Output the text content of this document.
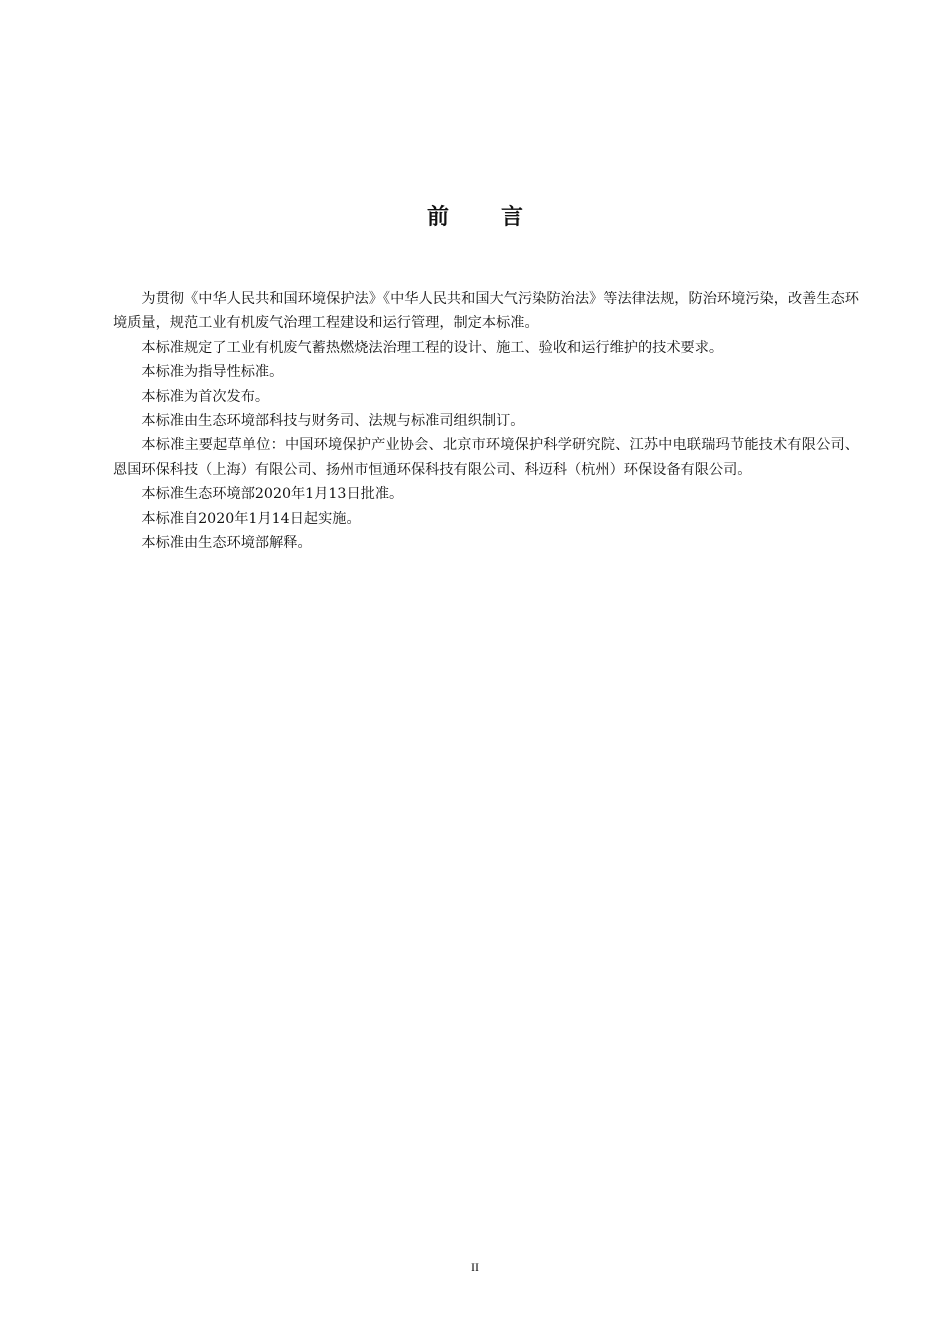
前 言

为贯彻《中华人民共和国环境保护法》《中华人民共和国大气污染防治法》等法律法规，防治环境污染，改善生态环境质量，规范工业有机废气治理工程建设和运行管理，制定本标准。

本标准规定了工业有机废气蓄热燃烧法治理工程的设计、施工、验收和运行维护的技术要求。

本标准为指导性标准。

本标准为首次发布。

本标准由生态环境部科技与财务司、法规与标准司组织制订。

本标准主要起草单位：中国环境保护产业协会、北京市环境保护科学研究院、江苏中电联瑞玛节能技术有限公司、恩国环保科技（上海）有限公司、扬州市恒通环保科技有限公司、科迈科（杭州）环保设备有限公司。

本标准生态环境部2020年1月13日批准。

本标准自2020年1月14日起实施。

本标准由生态环境部解释。

II
